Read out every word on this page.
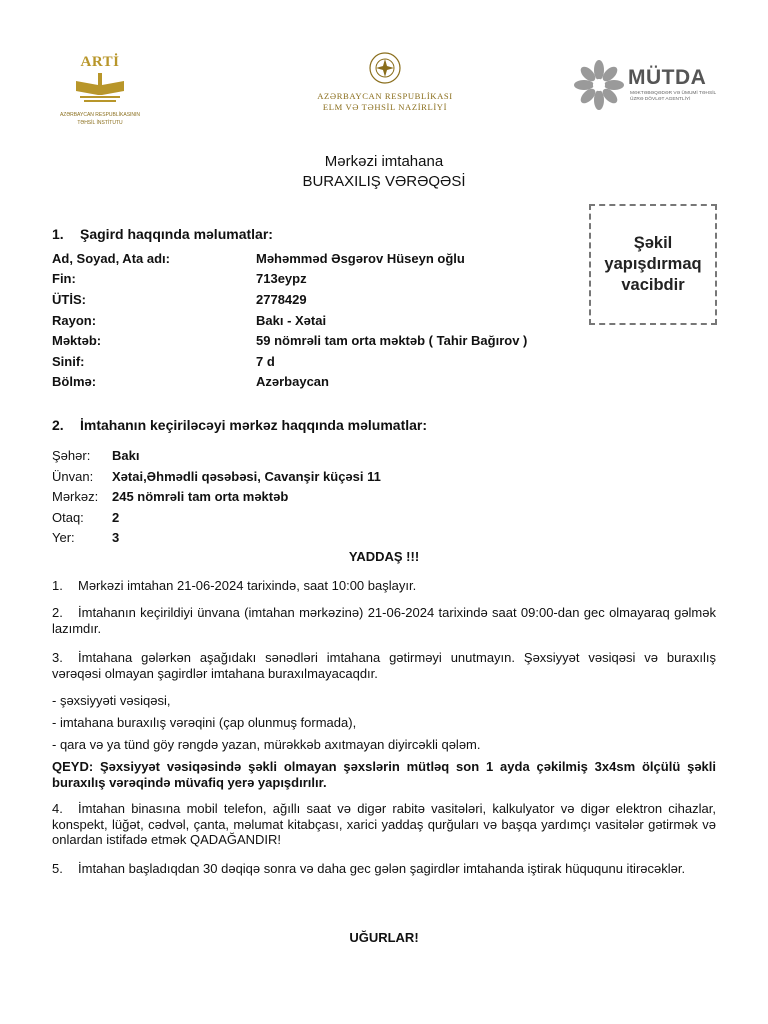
ARTİ
AZƏRBAYCAN RESPUBLİKASININ
TƏHSİL İNSTİTUTU
AZƏRBAYCAN RESPUBLİKASI
ELM VƏ TƏHSİL NAZİRLİYİ
MÜTDA
MƏKTƏBƏQƏDƏR VƏ ÜMUMİ TƏHSİL
ÜZRƏ DÖVLƏT AGENTLİYİ
Mərkəzi imtahana
BURAXILIŞ VƏRƏQƏSİ
Şəkil
yapışdırmaq
vacibdir
1. Şagird haqqında məlumatlar:
Ad, Soyad, Ata adı:	Məhəmməd Əsgərov Hüseyn oğlu
Fin:	713eypz
ÜTİS:	2778429
Rayon:	Bakı - Xətai
Məktəb:	59 nömrəli tam orta məktəb ( Tahir Bağırov )
Sinif:	7 d
Bölmə:	Azərbaycan
2. İmtahanın keçiriləcəyi mərkəz haqqında məlumatlar:
Şəhər: Bakı
Ünvan: Xətai,Əhmədli qəsəbəsi, Cavanşir küçəsi 11
Mərkəz: 245 nömrəli tam orta məktəb
Otaq: 2
Yer:	3
YADDAŞ !!!
1. Mərkəzi imtahan 21-06-2024 tarixində, saat 10:00 başlayır.
2. İmtahanın keçirildiyi ünvana (imtahan mərkəzinə) 21-06-2024 tarixində saat 09:00-dan gec olmayaraq gəlmək lazımdır.
3. İmtahana gələrkən aşağıdakı sənədləri imtahana gətirməyi unutmayın. Şəxsiyyət vəsiqəsi və buraxılış vərəqəsi olmayan şagirdlər imtahana buraxılmayacaqdır.
- şəxsiyyəti vəsiqəsi,
- imtahana buraxılış vərəqini (çap olunmuş formada),
- qara və ya tünd göy rəngdə yazan, mürəkkəb axıtmayan diyircəkli qələm.
QEYD: Şəxsiyyət vəsiqəsində şəkli olmayan şəxslərin mütləq son 1 ayda çəkilmiş 3x4sm ölçülü şəkli buraxılış vərəqində müvafiq yerə yapışdırılır.
4. İmtahan binasına mobil telefon, ağıllı saat və digər rabitə vasitələri, kalkulyator və digər elektron cihazlar, konspekt, lüğət, cədvəl, çanta, məlumat kitabçası, xarici yaddaş qurğuları və başqa yardımçı vasitələr gətirmək və onlardan istifadə etmək QADAĞANDIR!
5. İmtahan başladıqdan 30 dəqiqə sonra və daha gec gələn şagirdlər imtahanda iştirak hüququnu itirəcəklər.
UĞURLAR!
